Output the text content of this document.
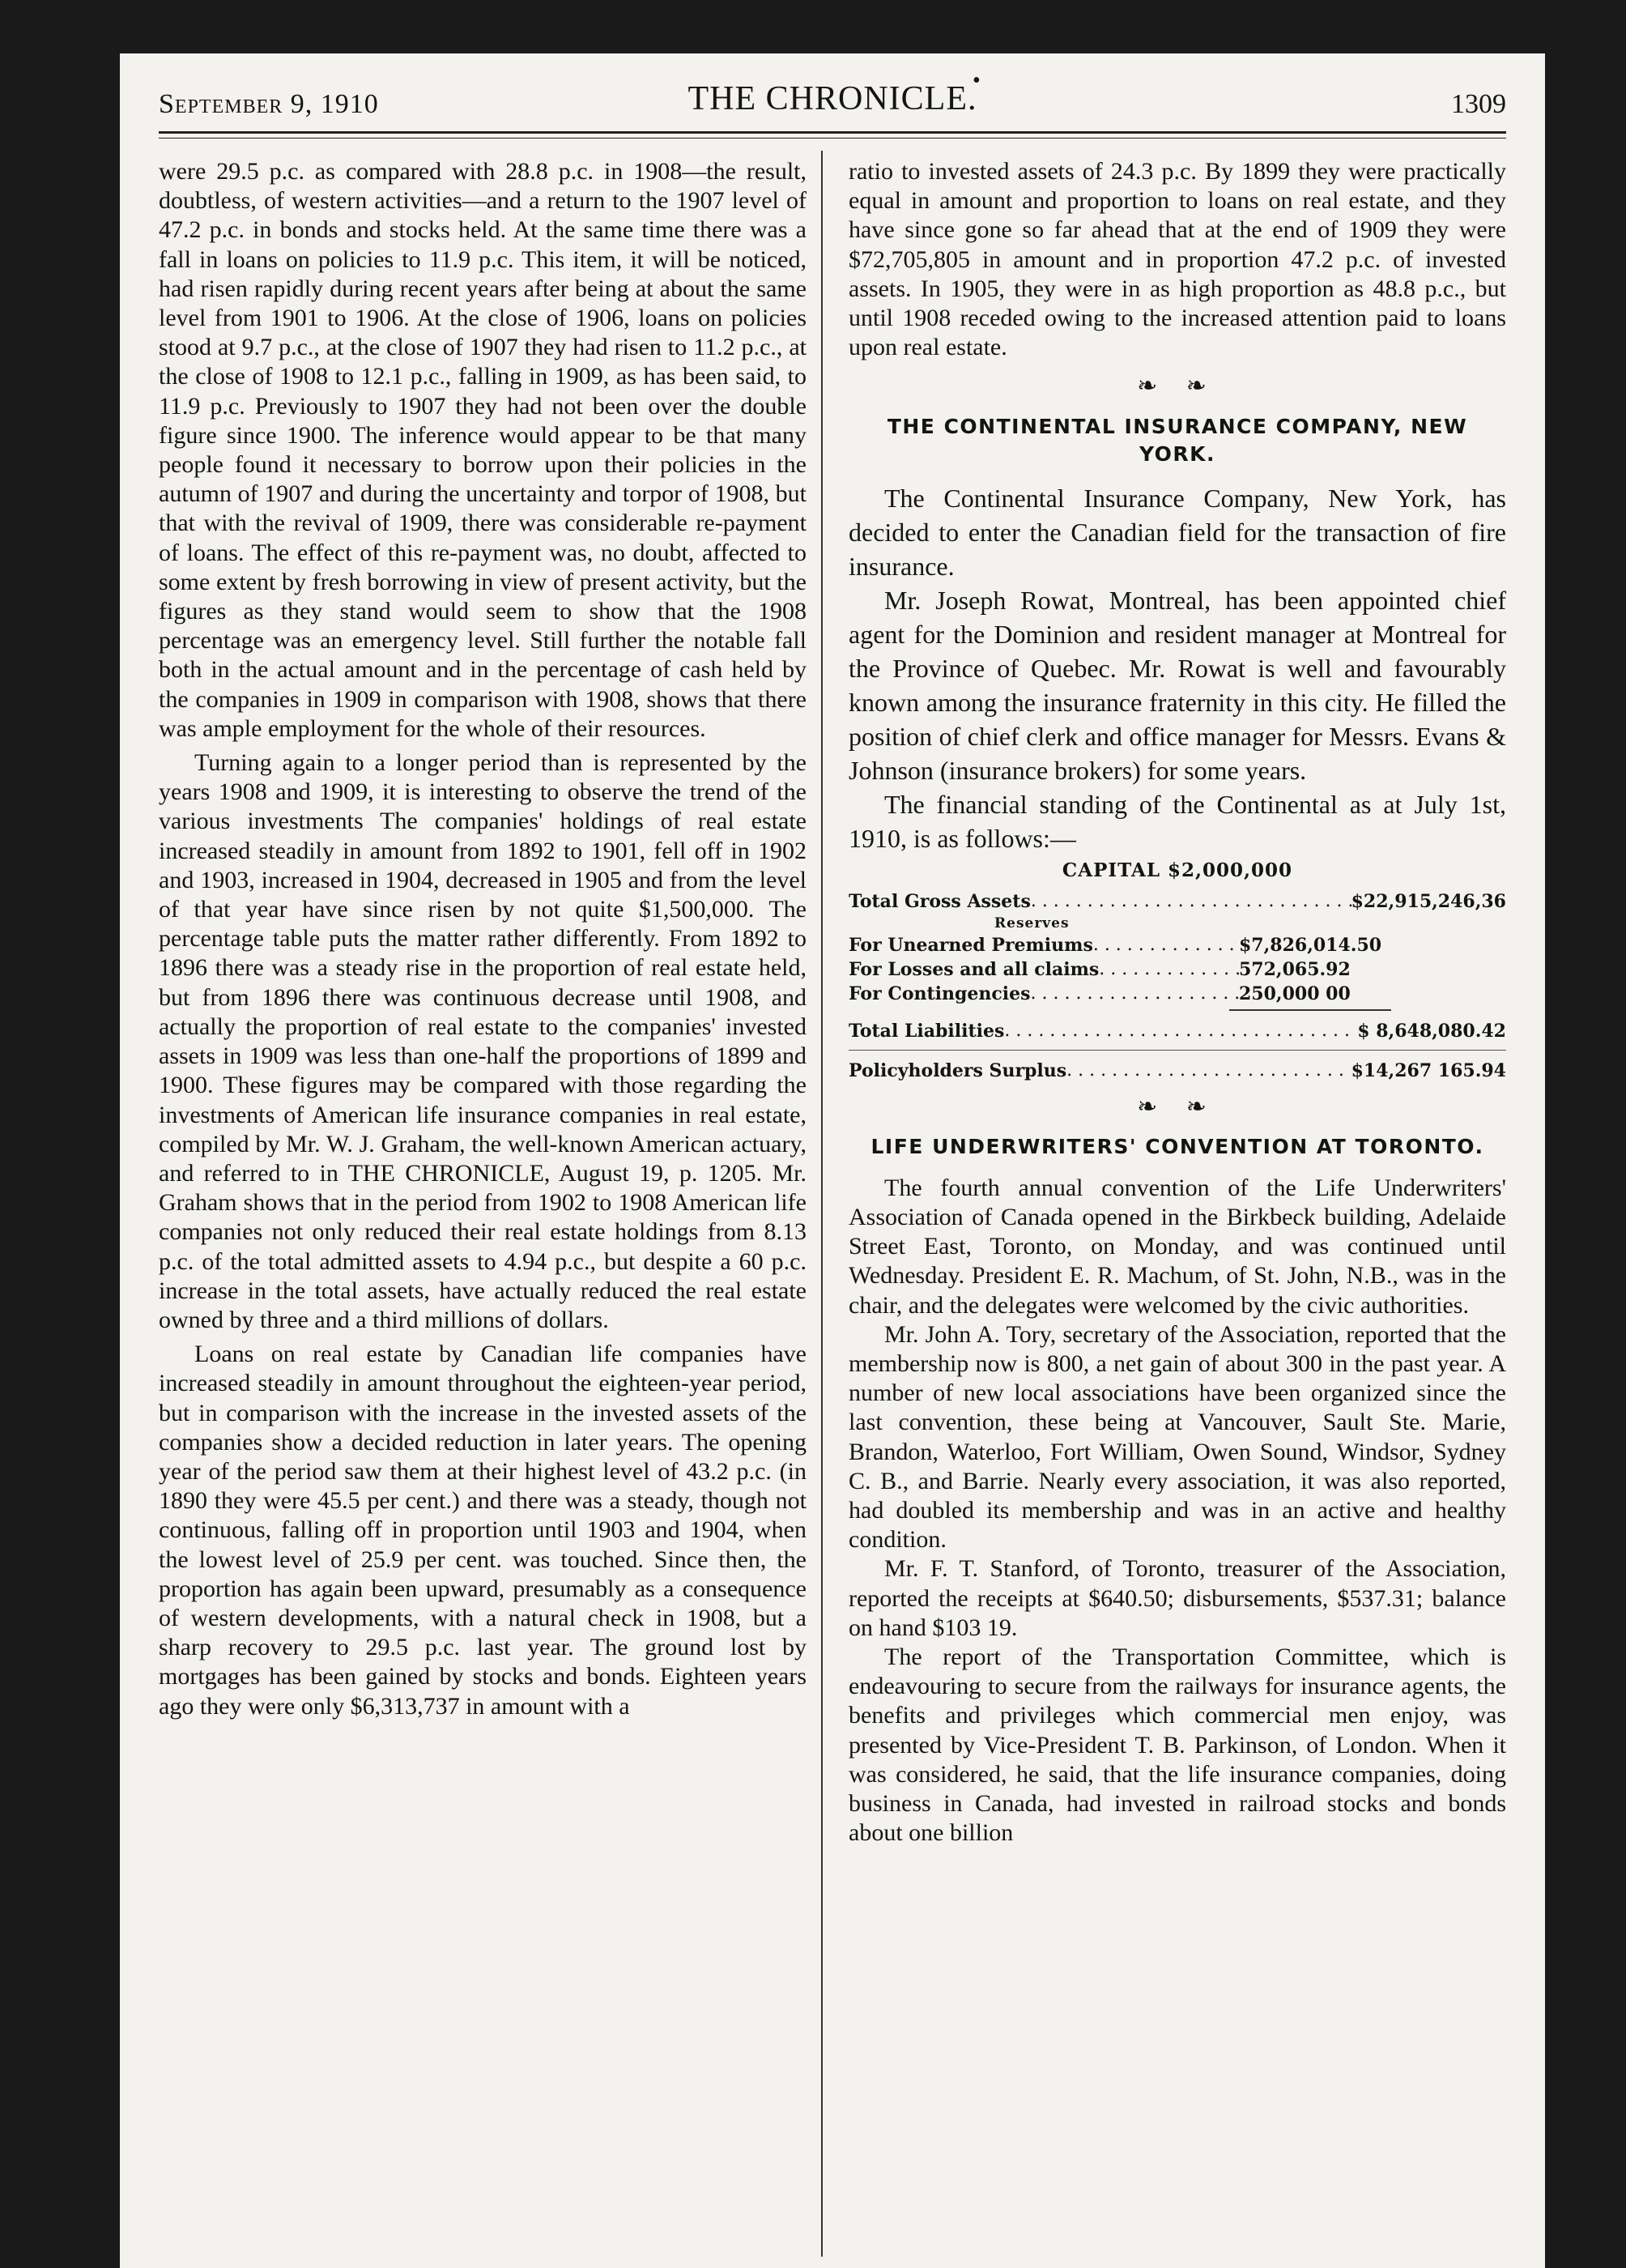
September 9, 1910
•
THE CHRONICLE.	1309

were 29.5 p.c. as compared with 28.8 p.c. in 1908—the result, doubtless, of western activities—and a return to the 1907 level of 47.2 p.c. in bonds and stocks held. At the same time there was a fall in loans on policies to 11.9 p.c. This item, it will be noticed, had risen rapidly during recent years after being at about the same level from 1901 to 1906. At the close of 1906, loans on policies stood at 9.7 p.c., at the close of 1907 they had risen to 11.2 p.c., at the close of 1908 to 12.1 p.c., falling in 1909, as has been said, to 11.9 p.c. Previously to 1907 they had not been over the double figure since 1900. The inference would appear to be that many people found it necessary to borrow upon their policies in the autumn of 1907 and during the uncertainty and torpor of 1908, but that with the revival of 1909, there was considerable re-payment of loans. The effect of this re-payment was, no doubt, affected to some extent by fresh borrowing in view of present activity, but the figures as they stand would seem to show that the 1908 percentage was an emergency level. Still further the notable fall both in the actual amount and in the percentage of cash held by the companies in 1909 in comparison with 1908, shows that there was ample employment for the whole of their resources.

Turning again to a longer period than is represented by the years 1908 and 1909, it is interesting to observe the trend of the various investments The companies' holdings of real estate increased steadily in amount from 1892 to 1901, fell off in 1902 and 1903, increased in 1904, decreased in 1905 and from the level of that year have since risen by not quite $1,500,000. The percentage table puts the matter rather differently. From 1892 to 1896 there was a steady rise in the proportion of real estate held, but from 1896 there was continuous decrease until 1908, and actually the proportion of real estate to the companies' invested assets in 1909 was less than one-half the proportions of 1899 and 1900. These figures may be compared with those regarding the investments of American life insurance companies in real estate, compiled by Mr. W. J. Graham, the well-known American actuary, and referred to in THE CHRONICLE, August 19, p. 1205. Mr. Graham shows that in the period from 1902 to 1908 American life companies not only reduced their real estate holdings from 8.13 p.c. of the total admitted assets to 4.94 p.c., but despite a 60 p.c. increase in the total assets, have actually reduced the real estate owned by three and a third millions of dollars.

Loans on real estate by Canadian life companies have increased steadily in amount throughout the eighteen-year period, but in comparison with the increase in the invested assets of the companies show a decided reduction in later years. The opening year of the period saw them at their highest level of 43.2 p.c. (in 1890 they were 45.5 per cent.) and there was a steady, though not continuous, falling off in proportion until 1903 and 1904, when the lowest level of 25.9 per cent. was touched. Since then, the proportion has again been upward, presumably as a consequence of western developments, with a natural check in 1908, but a sharp recovery to 29.5 p.c. last year. The ground lost by mortgages has been gained by stocks and bonds. Eighteen years ago they were only $6,313,737 in amount with a

ratio to invested assets of 24.3 p.c. By 1899 they were practically equal in amount and proportion to loans on real estate, and they have since gone so far ahead that at the end of 1909 they were $72,705,805 in amount and in proportion 47.2 p.c. of invested assets. In 1905, they were in as high proportion as 48.8 p.c., but until 1908 receded owing to the increased attention paid to loans upon real estate.

❧ ❧
THE CONTINENTAL INSURANCE COMPANY, NEW YORK.

The Continental Insurance Company, New York, has decided to enter the Canadian field for the transaction of fire insurance.

Mr. Joseph Rowat, Montreal, has been appointed chief agent for the Dominion and resident manager at Montreal for the Province of Quebec. Mr. Rowat is well and favourably known among the insurance fraternity in this city. He filled the position of chief clerk and office manager for Messrs. Evans & Johnson (insurance brokers) for some years.

The financial standing of the Continental as at July 1st, 1910, is as follows:—

CAPITAL $2,000,000
Total Gross Assets . . .	$22,915,246,36
Reserves
For Unearned Premiums . . .	$7,826,014.50
For Losses and all claims . . .	572,065.92
For Contingencies . . .	250,000 00
Total Liabilities . . .	$ 8,648,080.42
Policyholders Surplus . . .	$14,267 165.94
❧ ❧
LIFE UNDERWRITERS' CONVENTION AT TORONTO.

The fourth annual convention of the Life Underwriters' Association of Canada opened in the Birkbeck building, Adelaide Street East, Toronto, on Monday, and was continued until Wednesday. President E. R. Machum, of St. John, N.B., was in the chair, and the delegates were welcomed by the civic authorities.

Mr. John A. Tory, secretary of the Association, reported that the membership now is 800, a net gain of about 300 in the past year. A number of new local associations have been organized since the last convention, these being at Vancouver, Sault Ste. Marie, Brandon, Waterloo, Fort William, Owen Sound, Windsor, Sydney C. B., and Barrie. Nearly every association, it was also reported, had doubled its membership and was in an active and healthy condition.

Mr. F. T. Stanford, of Toronto, treasurer of the Association, reported the receipts at $640.50; disbursements, $537.31; balance on hand $103 19.

The report of the Transportation Committee, which is endeavouring to secure from the railways for insurance agents, the benefits and privileges which commercial men enjoy, was presented by Vice-President T. B. Parkinson, of London. When it was considered, he said, that the life insurance companies, doing business in Canada, had invested in railroad stocks and bonds about one billion
